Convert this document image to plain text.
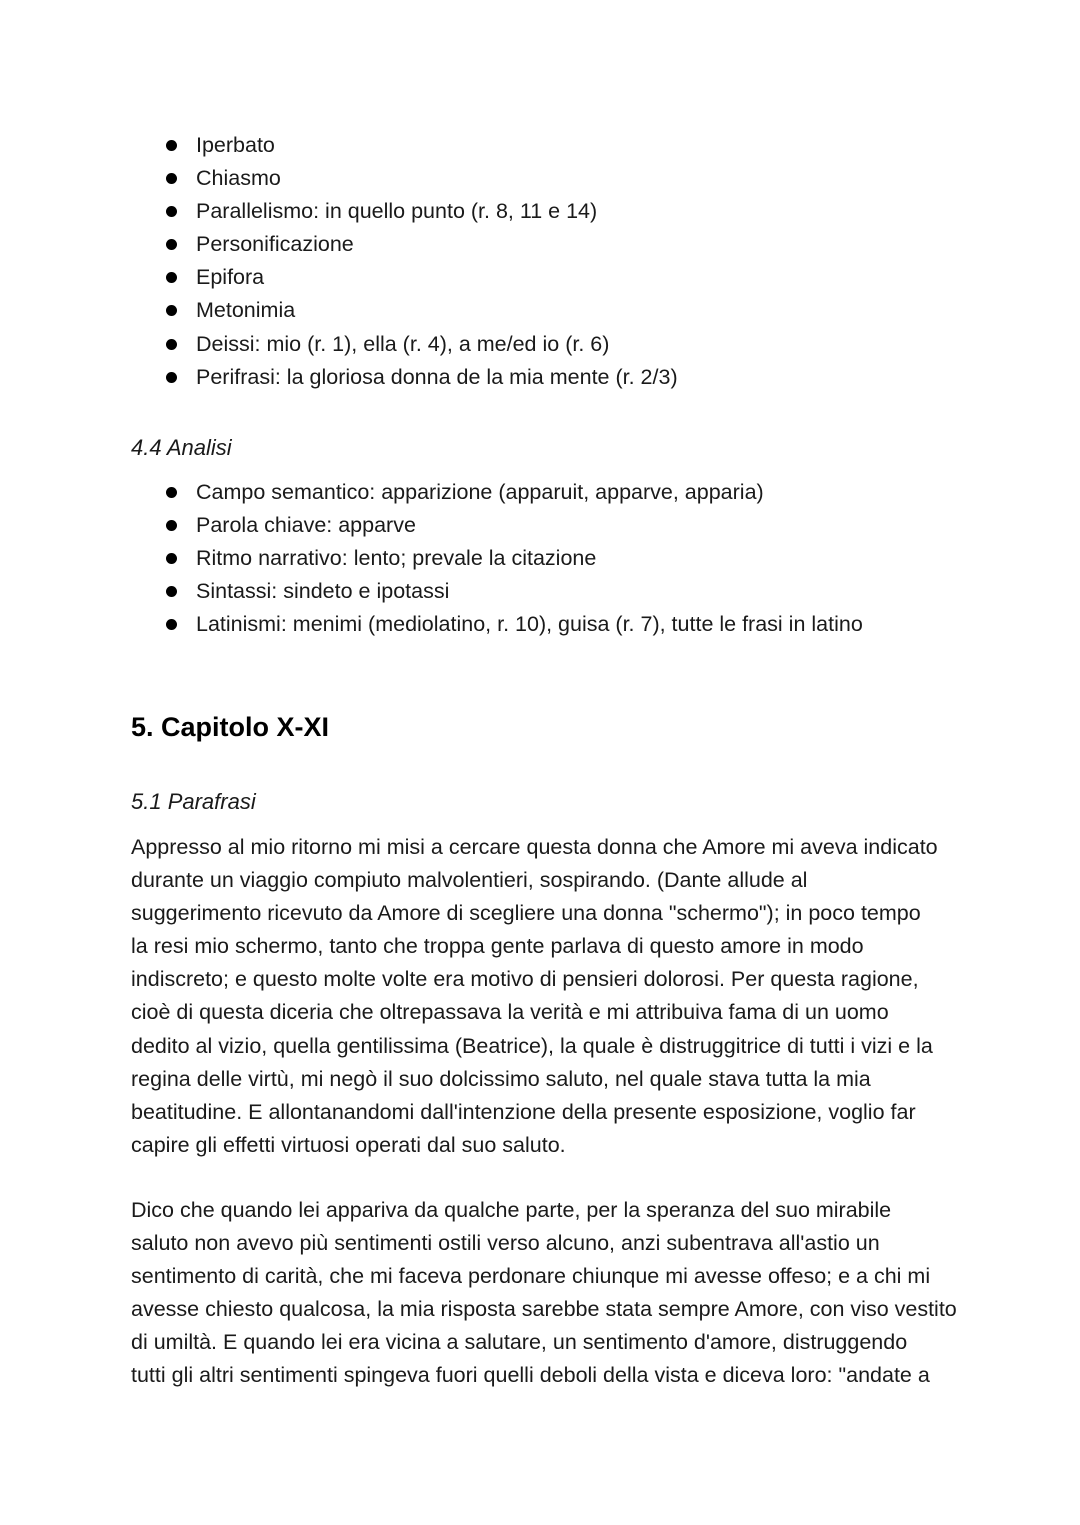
Iperbato
Chiasmo
Parallelismo: in quello punto (r. 8, 11 e 14)
Personificazione
Epifora
Metonimia
Deissi: mio (r. 1), ella (r. 4), a me/ed io (r. 6)
Perifrasi: la gloriosa donna de la mia mente (r. 2/3)
4.4 Analisi
Campo semantico: apparizione (apparuit, apparve, apparia)
Parola chiave: apparve
Ritmo narrativo: lento; prevale la citazione
Sintassi: sindeto e ipotassi
Latinismi: menimi (mediolatino, r. 10), guisa (r. 7), tutte le frasi in latino
5. Capitolo X-XI
5.1 Parafrasi

Appresso al mio ritorno mi misi a cercare questa donna che Amore mi aveva indicato
durante un viaggio compiuto malvolentieri, sospirando. (Dante allude al
suggerimento ricevuto da Amore di scegliere una donna "schermo"); in poco tempo
la resi mio schermo, tanto che troppa gente parlava di questo amore in modo
indiscreto; e questo molte volte era motivo di pensieri dolorosi. Per questa ragione,
cioè di questa diceria che oltrepassava la verità e mi attribuiva fama di un uomo
dedito al vizio, quella gentilissima (Beatrice), la quale è distruggitrice di tutti i vizi e la
regina delle virtù, mi negò il suo dolcissimo saluto, nel quale stava tutta la mia
beatitudine. E allontanandomi dall'intenzione della presente esposizione, voglio far
capire gli effetti virtuosi operati dal suo saluto.

Dico che quando lei appariva da qualche parte, per la speranza del suo mirabile
saluto non avevo più sentimenti ostili verso alcuno, anzi subentrava all'astio un
sentimento di carità, che mi faceva perdonare chiunque mi avesse offeso; e a chi mi
avesse chiesto qualcosa, la mia risposta sarebbe stata sempre Amore, con viso vestito
di umiltà. E quando lei era vicina a salutare, un sentimento d'amore, distruggendo
tutti gli altri sentimenti spingeva fuori quelli deboli della vista e diceva loro: "andate a
